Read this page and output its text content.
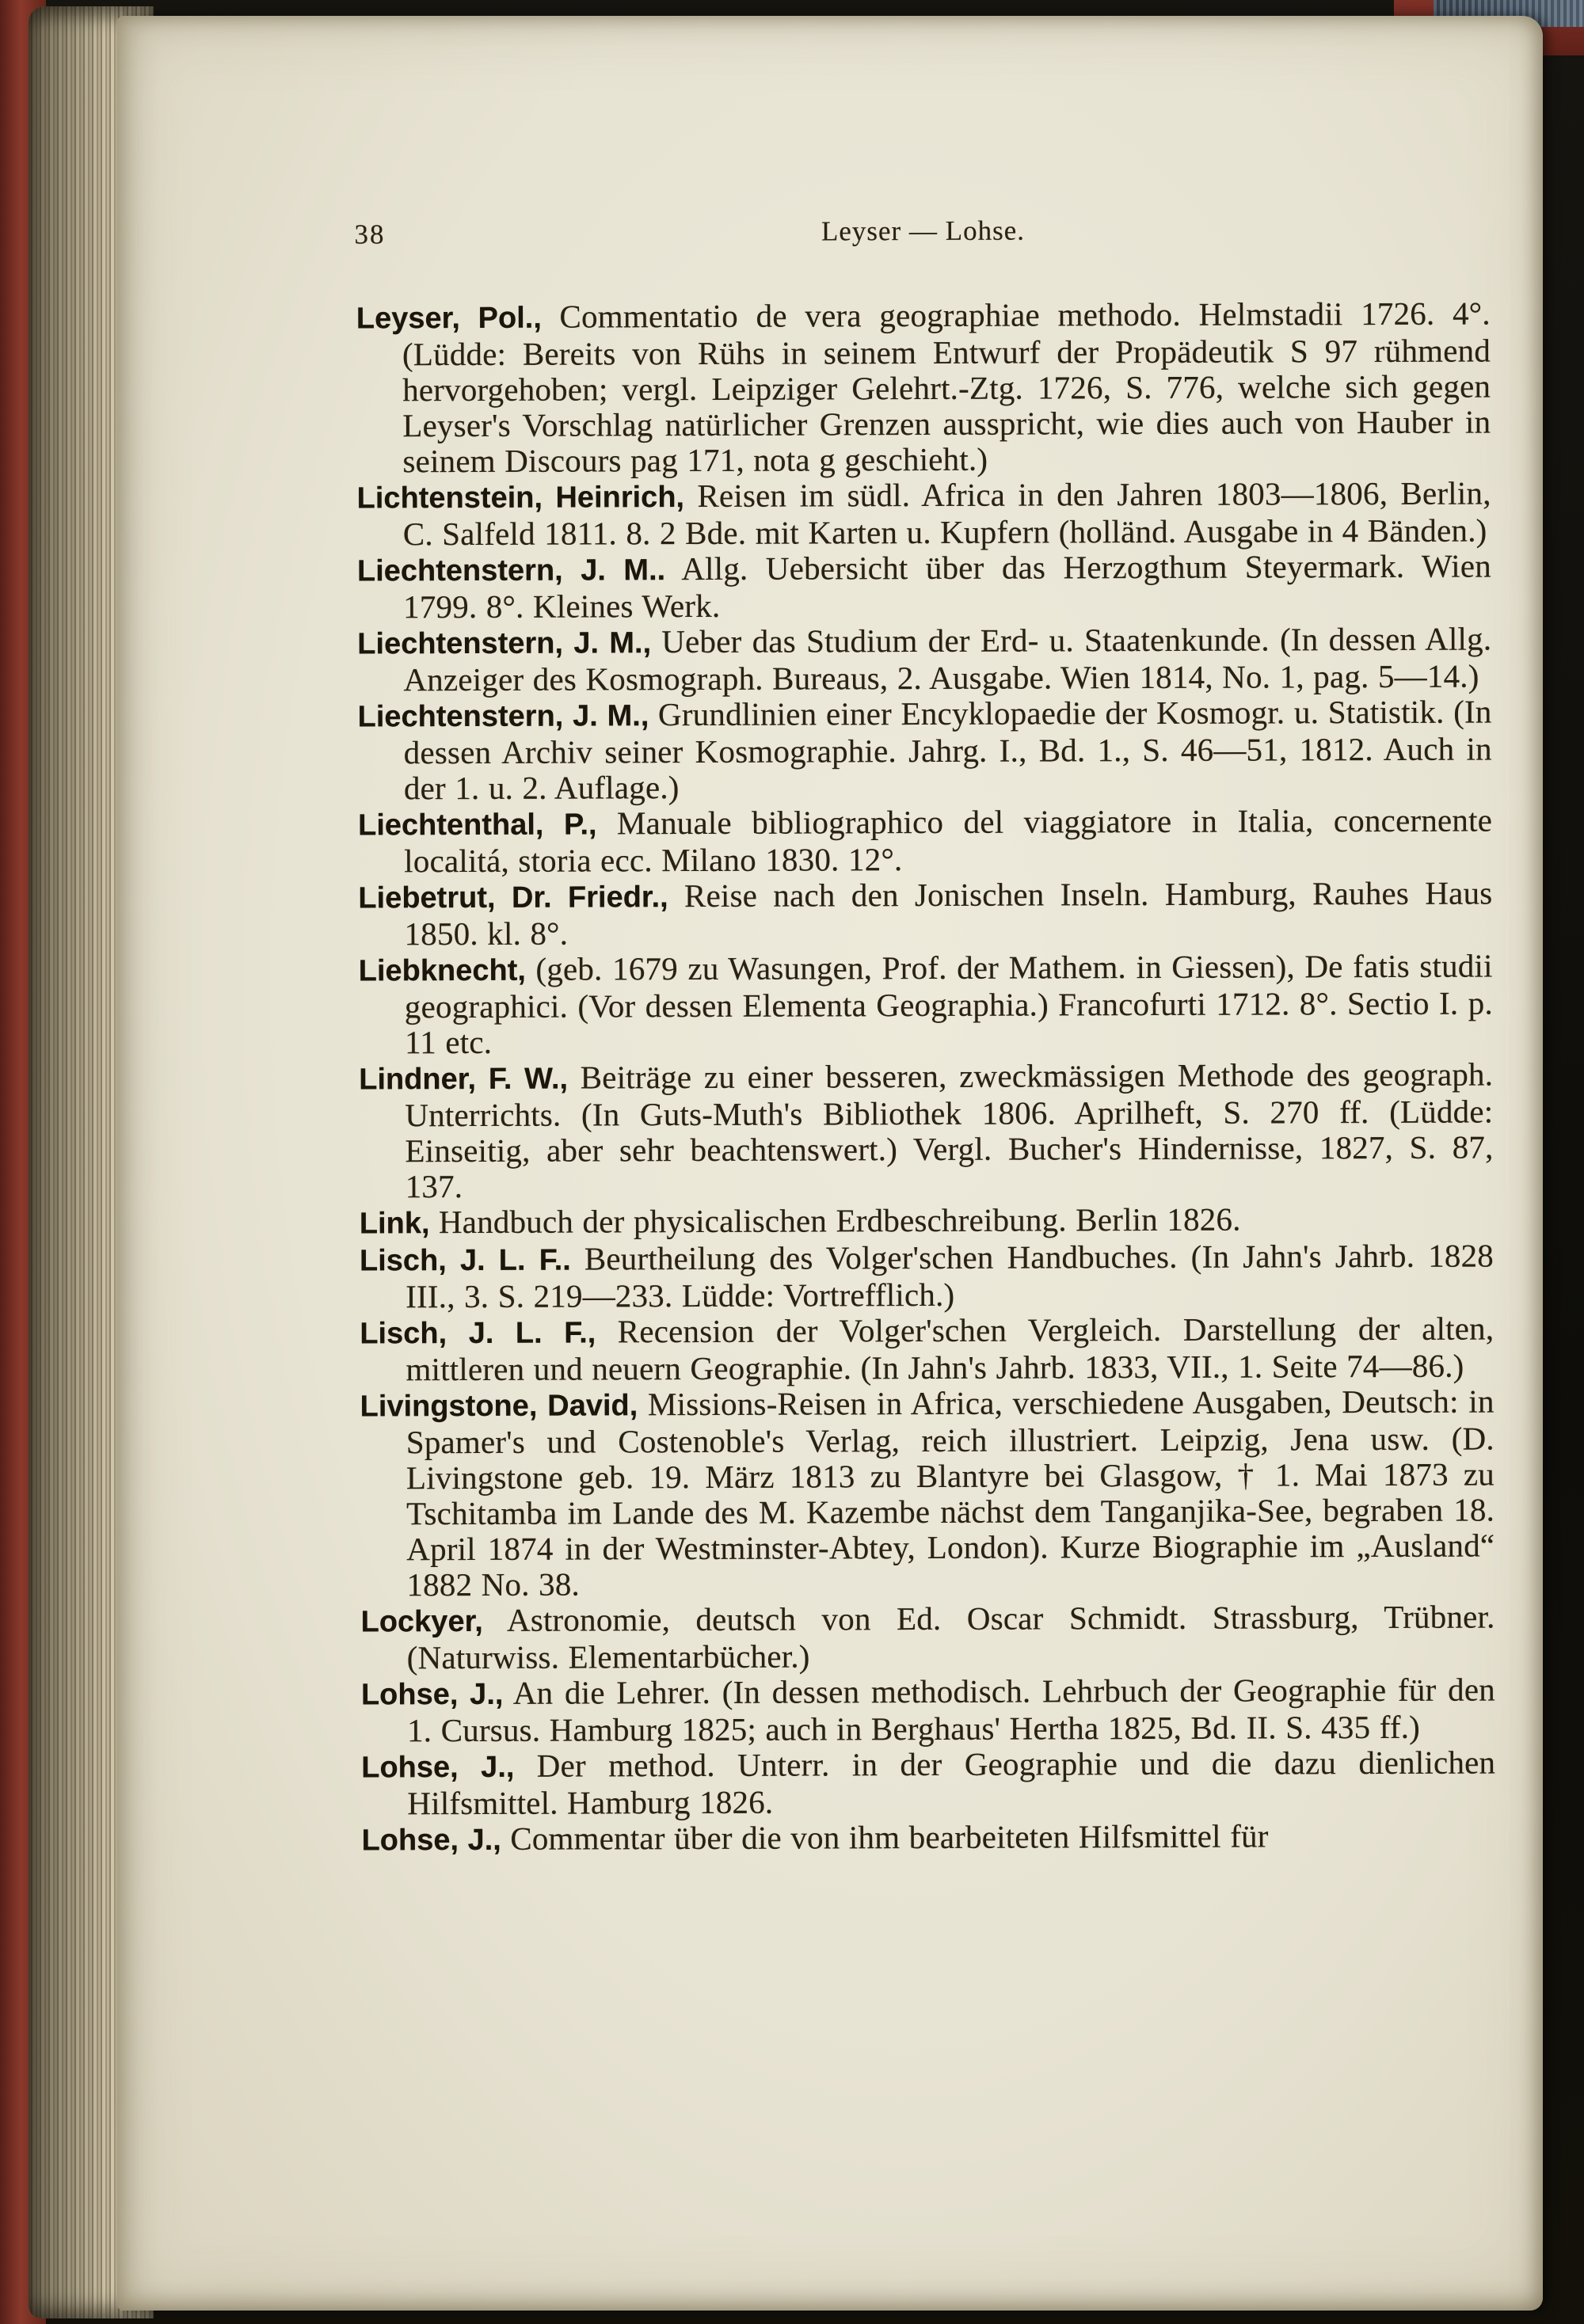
38	Leyser — Lohse.

Leyser, Pol., Commentatio de vera geographiae methodo. Helmstadii 1726. 4°. (Lüdde: Bereits von Rühs in seinem Entwurf der Propädeutik S 97 rühmend hervorgehoben; vergl. Leipziger Gelehrt.-Ztg. 1726, S. 776, welche sich gegen Leyser's Vorschlag natürlicher Grenzen ausspricht, wie dies auch von Hauber in seinem Discours pag 171, nota g geschieht.)

Lichtenstein, Heinrich, Reisen im südl. Africa in den Jahren 1803—1806, Berlin, C. Salfeld 1811. 8. 2 Bde. mit Karten u. Kupfern (holländ. Ausgabe in 4 Bänden.)

Liechtenstern, J. M.. Allg. Uebersicht über das Herzogthum Steyermark. Wien 1799. 8°. Kleines Werk.

Liechtenstern, J. M., Ueber das Studium der Erd- u. Staatenkunde. (In dessen Allg. Anzeiger des Kosmograph. Bureaus, 2. Ausgabe. Wien 1814, No. 1, pag. 5—14.)

Liechtenstern, J. M., Grundlinien einer Encyklopaedie der Kosmogr. u. Statistik. (In dessen Archiv seiner Kosmographie. Jahrg. I., Bd. 1., S. 46—51, 1812. Auch in der 1. u. 2. Auflage.)

Liechtenthal, P., Manuale bibliographico del viaggiatore in Italia, concernente localitá, storia ecc. Milano 1830. 12°.

Liebetrut, Dr. Friedr., Reise nach den Jonischen Inseln. Hamburg, Rauhes Haus 1850. kl. 8°.

Liebknecht, (geb. 1679 zu Wasungen, Prof. der Mathem. in Giessen), De fatis studii geographici. (Vor dessen Elementa Geographia.) Francofurti 1712. 8°. Sectio I. p. 11 etc.

Lindner, F. W., Beiträge zu einer besseren, zweckmässigen Methode des geograph. Unterrichts. (In Guts-Muth's Bibliothek 1806. Aprilheft, S. 270 ff. (Lüdde: Einseitig, aber sehr beachtenswert.) Vergl. Bucher's Hindernisse, 1827, S. 87, 137.

Link, Handbuch der physicalischen Erdbeschreibung. Berlin 1826.

Lisch, J. L. F.. Beurtheilung des Volger'schen Handbuches. (In Jahn's Jahrb. 1828 III., 3. S. 219—233. Lüdde: Vortrefflich.)

Lisch, J. L. F., Recension der Volger'schen Vergleich. Darstellung der alten, mittleren und neuern Geographie. (In Jahn's Jahrb. 1833, VII., 1. Seite 74—86.)

Livingstone, David, Missions-Reisen in Africa, verschiedene Ausgaben, Deutsch: in Spamer's und Costenoble's Verlag, reich illustriert. Leipzig, Jena usw. (D. Livingstone geb. 19. März 1813 zu Blantyre bei Glasgow, † 1. Mai 1873 zu Tschitamba im Lande des M. Kazembe nächst dem Tanganjika-See, begraben 18. April 1874 in der Westminster-Abtey, London). Kurze Biographie im „Ausland“ 1882 No. 38.

Lockyer, Astronomie, deutsch von Ed. Oscar Schmidt. Strassburg, Trübner. (Naturwiss. Elementarbücher.)

Lohse, J., An die Lehrer. (In dessen methodisch. Lehrbuch der Geographie für den 1. Cursus. Hamburg 1825; auch in Berghaus' Hertha 1825, Bd. II. S. 435 ff.)

Lohse, J., Der method. Unterr. in der Geographie und die dazu dienlichen Hilfsmittel. Hamburg 1826.

Lohse, J., Commentar über die von ihm bearbeiteten Hilfsmittel für
